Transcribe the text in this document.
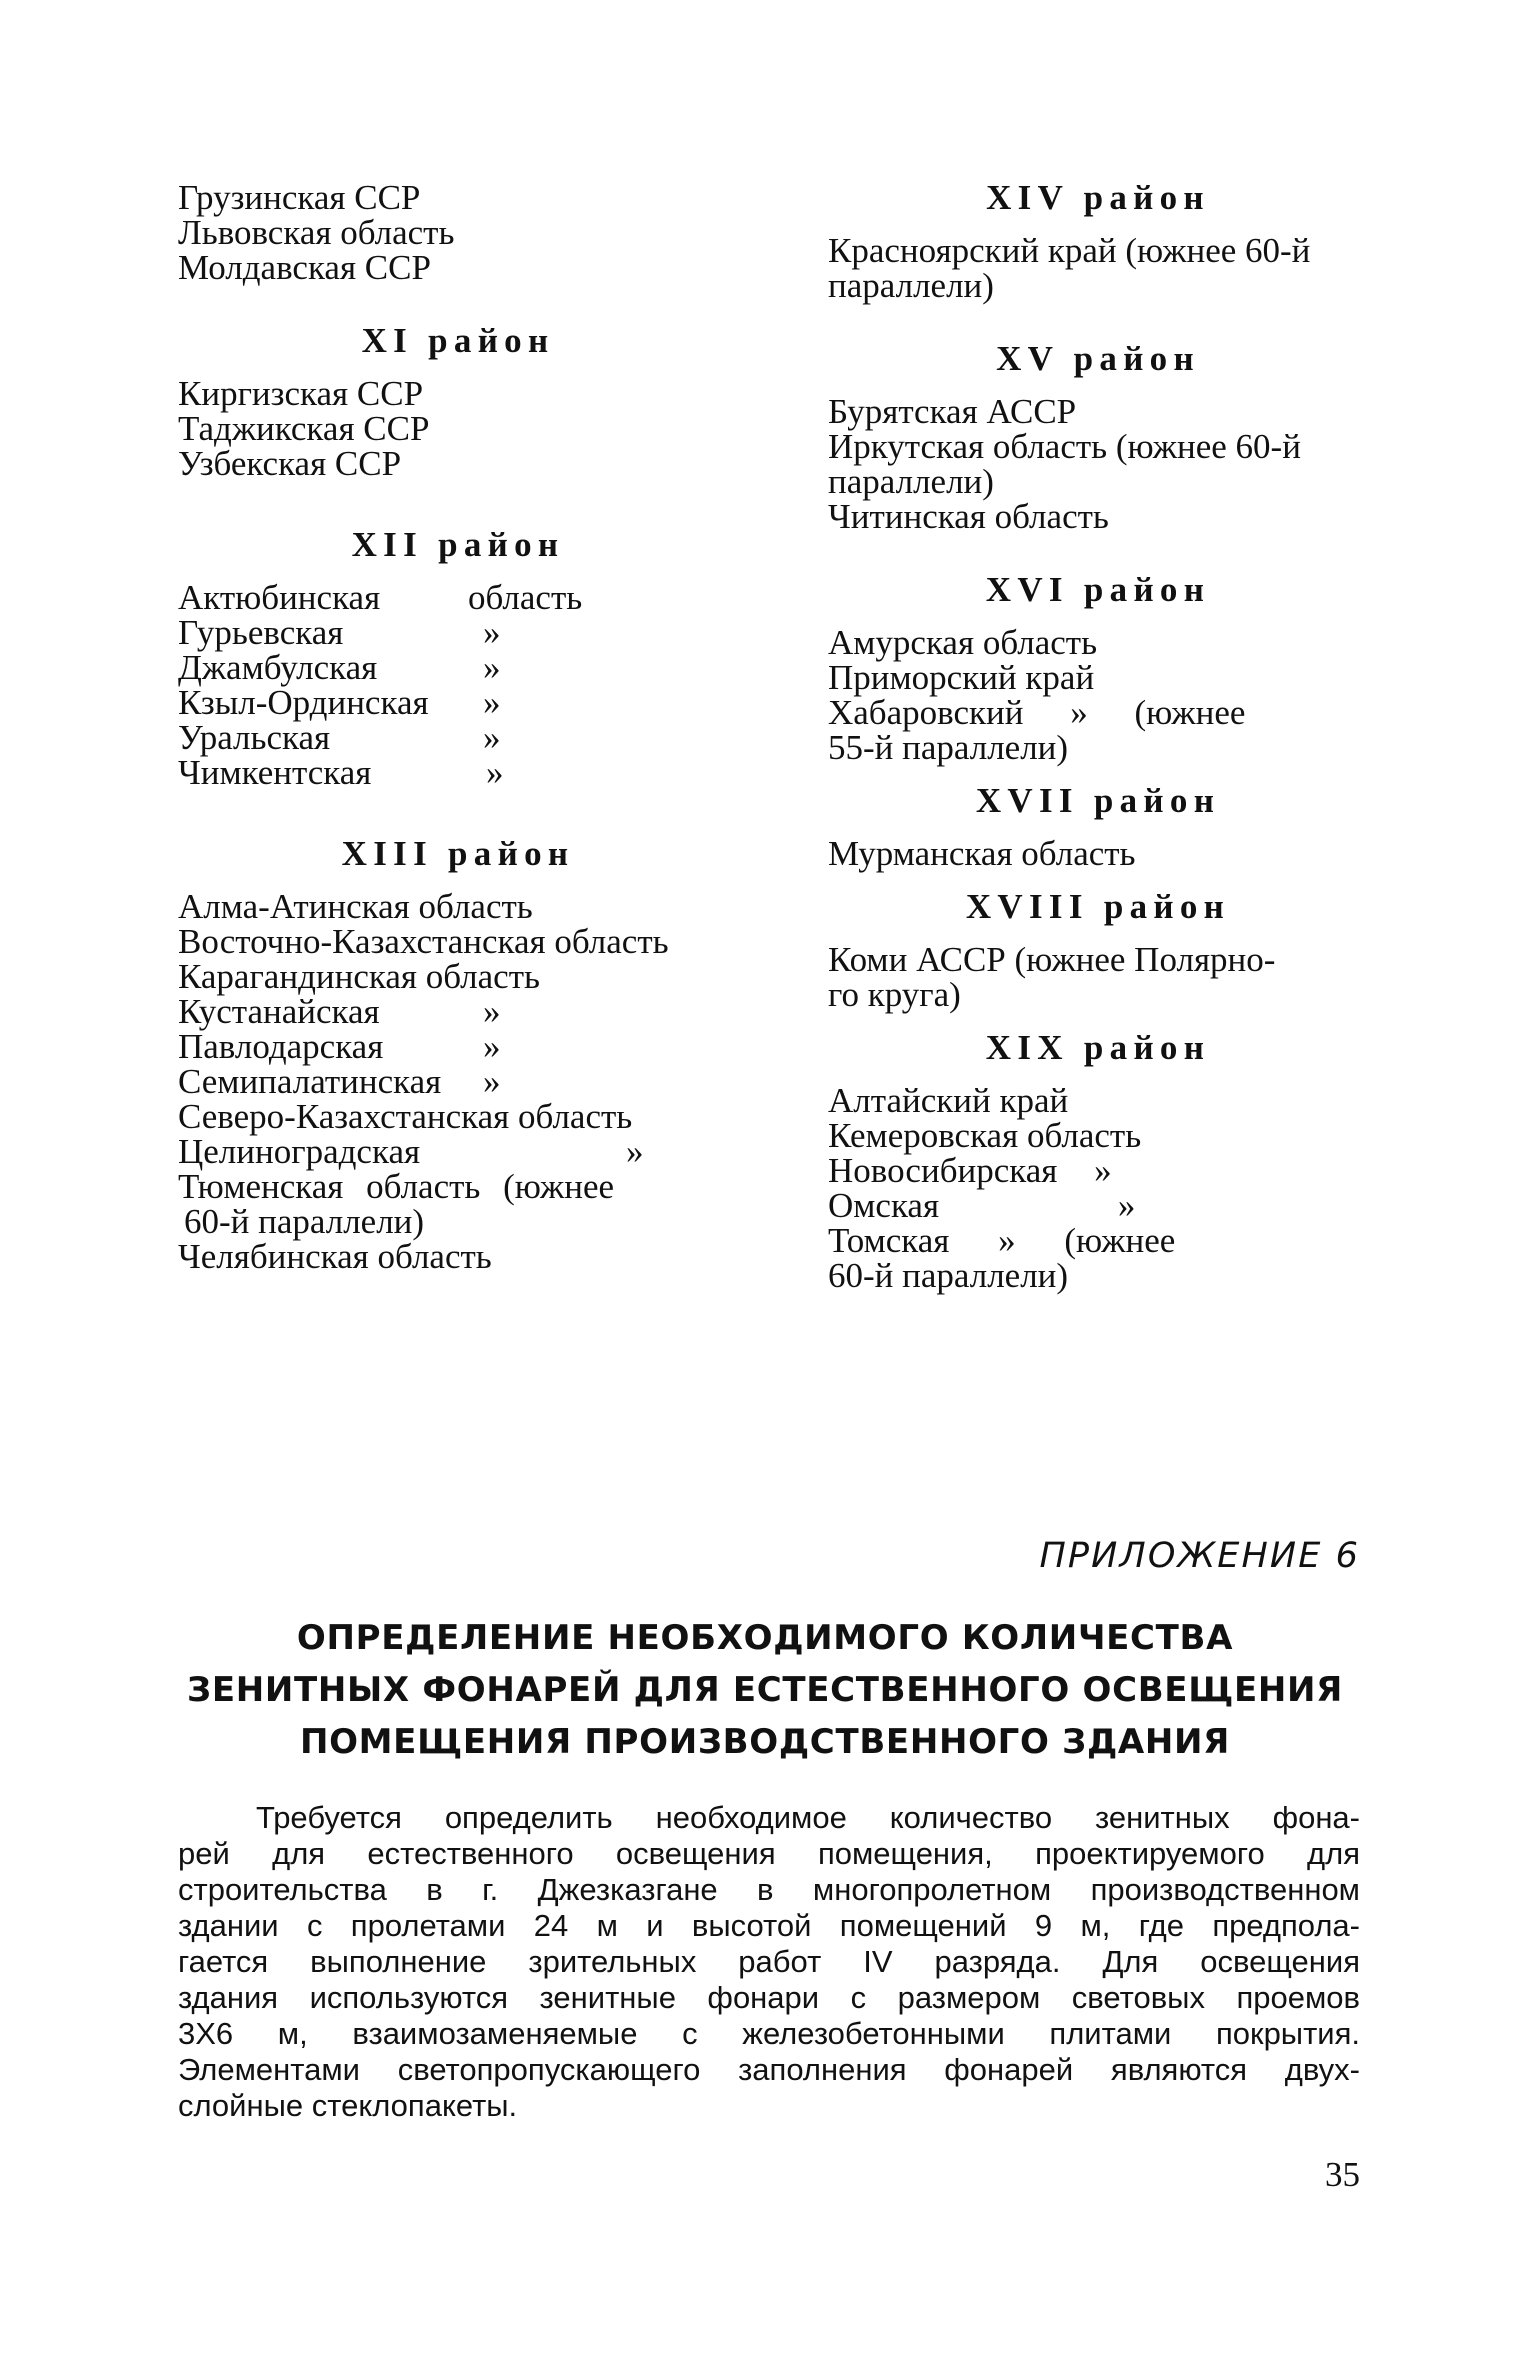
Грузинская ССР
Львовская область
Молдавская ССР
XI район
Киргизская ССР
Таджикская ССР
Узбекская ССР
XII район
Актюбинская	область
Гурьевская	»
Джамбулская	»
Кзыл-Ординская	»
Уральская	»
Чимкентская	»
XIII район
Алма-Атинская область
Восточно-Казахстанская область
Карагандинская область
Кустанайская	»
Павлодарская	»
Семипалатинская	»
Северо-Казахстанская область
Целиноградская	»
Тюменская область (южнее
60-й параллели)
Челябинская область
XIV район
Красноярский край (южнее 60-й
параллели)
XV район
Бурятская АССР
Иркутская область (южнее 60-й
параллели)
Читинская область
XVI район
Амурская область
Приморский край
Хабаровский » (южнее
55-й параллели)
XVII район
Мурманская область
XVIII район
Коми АССР (южнее Полярно-
го круга)
XIX район
Алтайский край
Кемеровская область
Новосибирская »
Омская »
Томская » (южнее
60-й параллели)
ПРИЛОЖЕНИЕ 6
ОПРЕДЕЛЕНИЕ НЕОБХОДИМОГО КОЛИЧЕСТВА
ЗЕНИТНЫХ ФОНАРЕЙ ДЛЯ ЕСТЕСТВЕННОГО ОСВЕЩЕНИЯ
ПОМЕЩЕНИЯ ПРОИЗВОДСТВЕННОГО ЗДАНИЯ
Требуется определить необходимое количество зенитных фона-
рей для естественного освещения помещения, проектируемого для
строительства в г. Джезказгане в многопролетном производственном
здании с пролетами 24 м и высотой помещений 9 м, где предпола-
гается выполнение зрительных работ IV разряда. Для освещения
здания используются зенитные фонари с размером световых проемов
3Х6 м, взаимозаменяемые с железобетонными плитами покрытия.
Элементами светопропускающего заполнения фонарей являются двух-
слойные стеклопакеты.
35
